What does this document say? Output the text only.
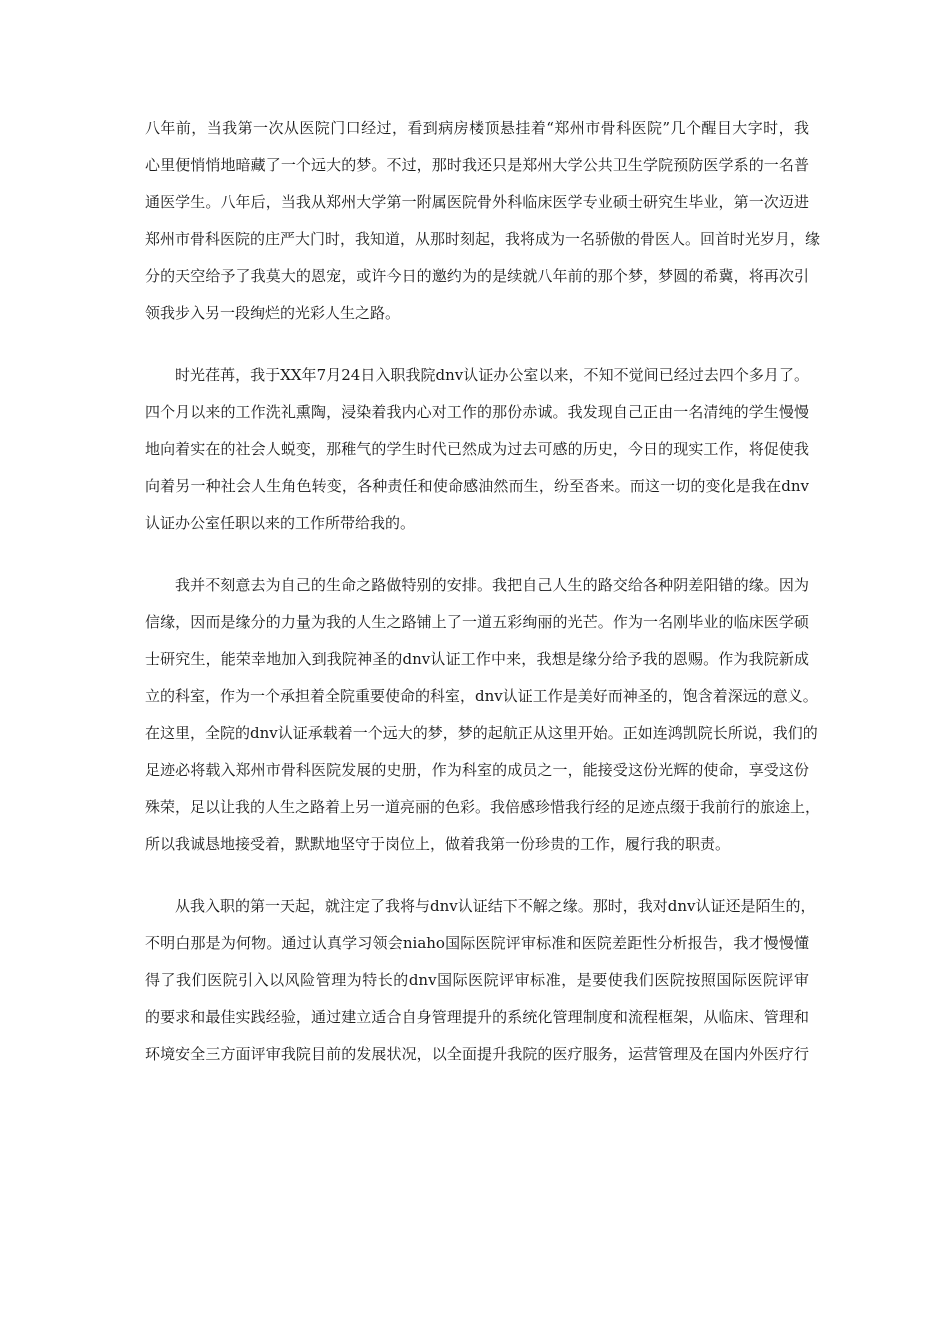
八年前，当我第一次从医院门口经过，看到病房楼顶悬挂着“郑州市骨科医院”几个醒目大字时，我
心里便悄悄地暗藏了一个远大的梦。不过，那时我还只是郑州大学公共卫生学院预防医学系的一名普
通医学生。八年后，当我从郑州大学第一附属医院骨外科临床医学专业硕士研究生毕业，第一次迈进
郑州市骨科医院的庄严大门时，我知道，从那时刻起，我将成为一名骄傲的骨医人。回首时光岁月，缘
分的天空给予了我莫大的恩宠，或许今日的邀约为的是续就八年前的那个梦，梦圆的希冀，将再次引
领我步入另一段绚烂的光彩人生之路。
时光荏苒，我于XX年7月24日入职我院dnv认证办公室以来，不知不觉间已经过去四个多月了。
四个月以来的工作洗礼熏陶，浸染着我内心对工作的那份赤诚。我发现自己正由一名清纯的学生慢慢
地向着实在的社会人蜕变，那稚气的学生时代已然成为过去可感的历史，今日的现实工作，将促使我
向着另一种社会人生角色转变，各种责任和使命感油然而生，纷至沓来。而这一切的变化是我在dnv
认证办公室任职以来的工作所带给我的。
我并不刻意去为自己的生命之路做特别的安排。我把自己人生的路交给各种阴差阳错的缘。因为
信缘，因而是缘分的力量为我的人生之路铺上了一道五彩绚丽的光芒。作为一名刚毕业的临床医学硕
士研究生，能荣幸地加入到我院神圣的dnv认证工作中来，我想是缘分给予我的恩赐。作为我院新成
立的科室，作为一个承担着全院重要使命的科室，dnv认证工作是美好而神圣的，饱含着深远的意义。
在这里，全院的dnv认证承载着一个远大的梦，梦的起航正从这里开始。正如连鸿凯院长所说，我们的
足迹必将载入郑州市骨科医院发展的史册，作为科室的成员之一，能接受这份光辉的使命，享受这份
殊荣，足以让我的人生之路着上另一道亮丽的色彩。我倍感珍惜我行经的足迹点缀于我前行的旅途上，
所以我诚恳地接受着，默默地坚守于岗位上，做着我第一份珍贵的工作，履行我的职责。
从我入职的第一天起，就注定了我将与dnv认证结下不解之缘。那时，我对dnv认证还是陌生的，
不明白那是为何物。通过认真学习领会niaho国际医院评审标准和医院差距性分析报告，我才慢慢懂
得了我们医院引入以风险管理为特长的dnv国际医院评审标准，是要使我们医院按照国际医院评审
的要求和最佳实践经验，通过建立适合自身管理提升的系统化管理制度和流程框架，从临床、管理和
环境安全三方面评审我院目前的发展状况，以全面提升我院的医疗服务，运营管理及在国内外医疗行
